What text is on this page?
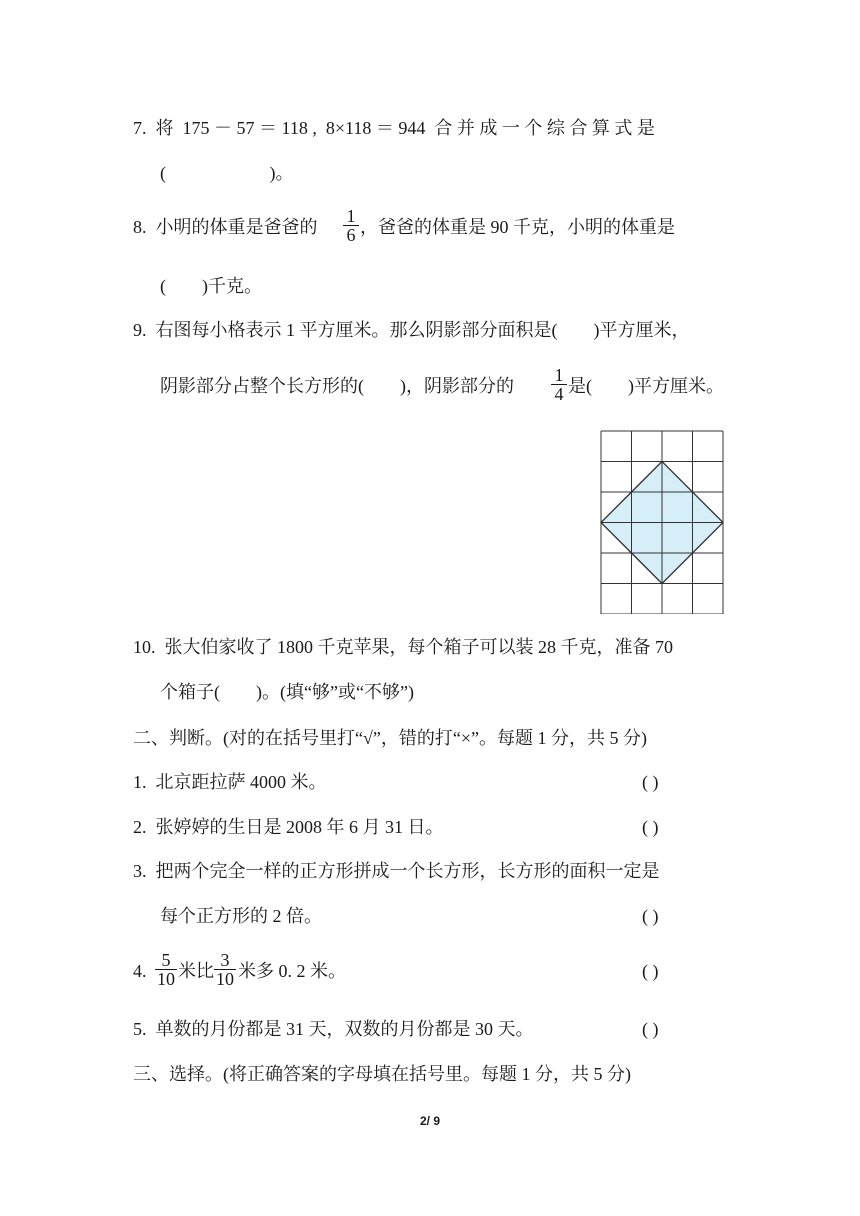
7.  将  175 － 57 ＝ 118 ,  8×118 ＝ 944  合 并 成 一 个 综 合 算 式 是
(                       )。
8.  小明的体重是爸爸的 $\frac{1}{6}$ ，爸爸的体重是 90 千克，小明的体重是
(        )千克。
9.  右图每小格表示 1 平方厘米。那么阴影部分面积是(        )平方厘米，
阴影部分占整个长方形的(        )，阴影部分的 $\frac{1}{4}$ 是(        )平方厘米。
10.  张大伯家收了 1800 千克苹果，每个箱子可以装 28 千克，准备 70
个箱子(        )。(填“够”或“不够”)
二、判断。(对的在括号里打“√”，错的打“×”。每题 1 分，共 5 分)
1.  北京距拉萨 4000 米。	( )
2.  张婷婷的生日是 2008 年 6 月 31 日。	( )
3.  把两个完全一样的正方形拼成一个长方形，长方形的面积一定是
每个正方形的 2 倍。	( )
4. $\frac{5}{10}$ 米比 $\frac{3}{10}$ 米多 0. 2 米。	( )
5.  单数的月份都是 31 天，双数的月份都是 30 天。	( )
三、选择。(将正确答案的字母填在括号里。每题 1 分，共 5 分)
2/ 9
